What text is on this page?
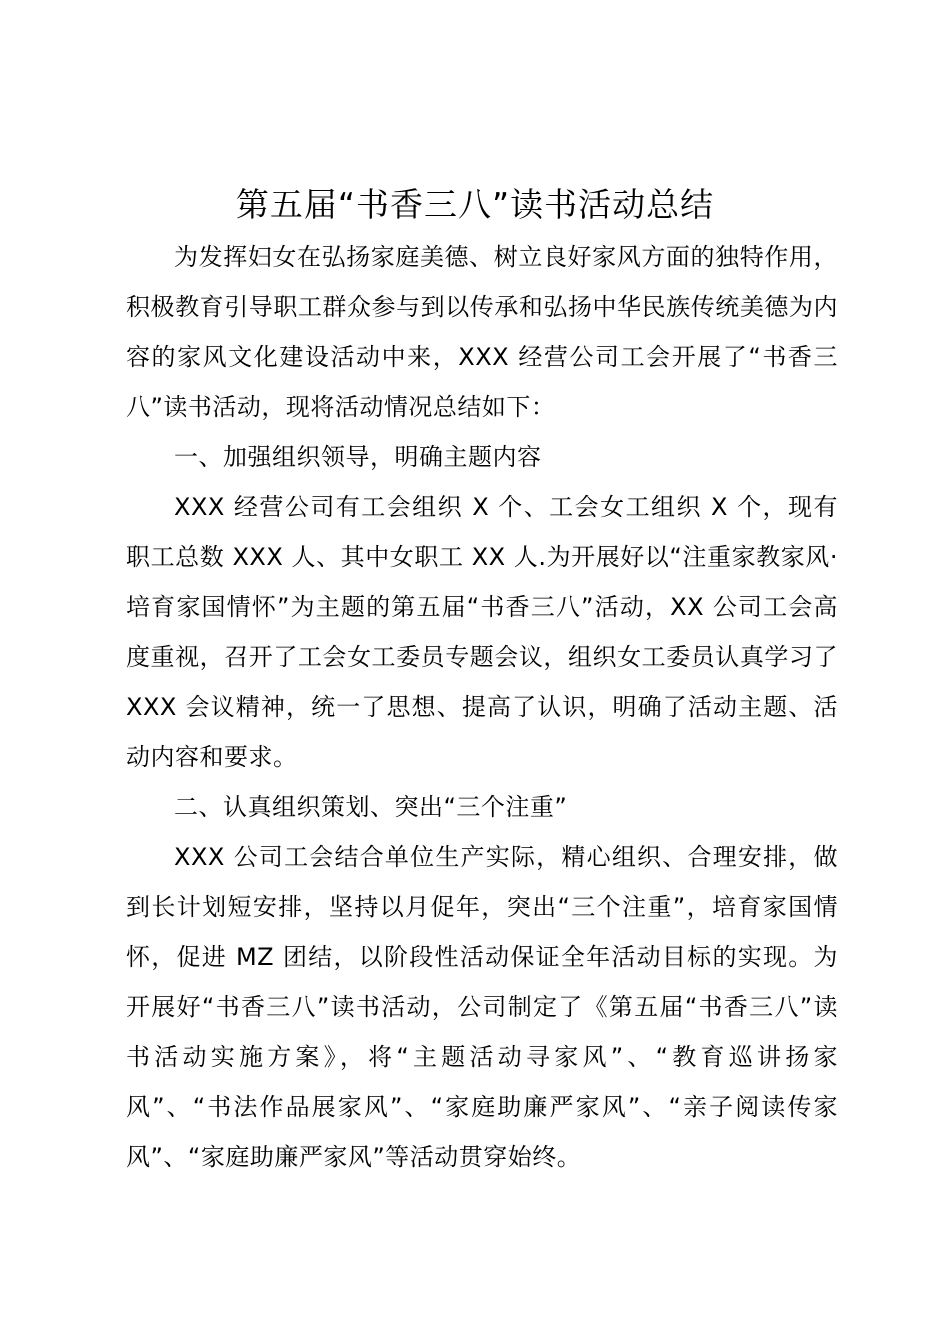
第五届“书香三八”读书活动总结

为发挥妇女在弘扬家庭美德、树立良好家风方面的独特作用，积极教育引导职工群众参与到以传承和弘扬中华民族传统美德为内容的家风文化建设活动中来，XXX 经营公司工会开展了“书香三八”读书活动，现将活动情况总结如下：

一、加强组织领导，明确主题内容

XXX 经营公司有工会组织 X 个、工会女工组织 X 个，现有职工总数 XXX 人、其中女职工 XX 人.为开展好以“注重家教家风·培育家国情怀”为主题的第五届“书香三八”活动，XX 公司工会高度重视，召开了工会女工委员专题会议，组织女工委员认真学习了 XXX 会议精神，统一了思想、提高了认识，明确了活动主题、活动内容和要求。

二、认真组织策划、突出“三个注重”

XXX 公司工会结合单位生产实际，精心组织、合理安排，做到长计划短安排，坚持以月促年，突出“三个注重”，培育家国情怀，促进 MZ 团结，以阶段性活动保证全年活动目标的实现。为开展好“书香三八”读书活动，公司制定了《第五届“书香三八”读书活动实施方案》，将“主题活动寻家风”、“教育巡讲扬家风”、“书法作品展家风”、“家庭助廉严家风”、“亲子阅读传家风”、“家庭助廉严家风”等活动贯穿始终。
